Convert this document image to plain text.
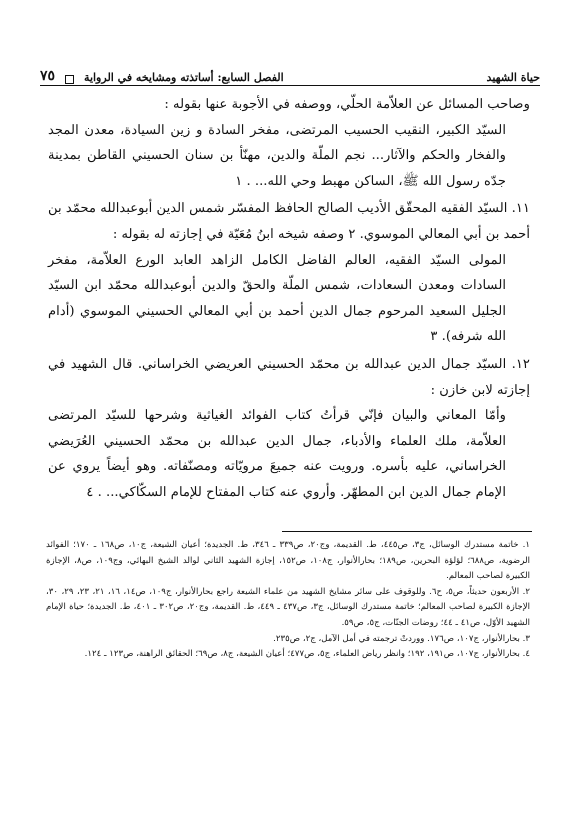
حياة الشهيد
الفصل السابع: أساتذته ومشايخه في الرواية
٧٥

وصاحب المسائل عن العلاّمة الحلّي، ووصفه في الأجوبة عنها بقوله :

السيّد الكبير، النقيب الحسيب المرتضى، مفخر السادة و زين السيادة، معدن المجد والفخار والحكم والآثار... نجم الملّة والدين، مهنّأ بن سنان الحسيني القاطن بمدينة جدّه رسول الله ﷺ، الساكن مهبط وحي الله... . ١

١١. السيّد الفقيه المحقّق الأديب الصالح الحافظ المفسّر شمس الدين أبوعبدالله محمّد بن أحمد بن أبي المعالي الموسوي. ٢ وصفه شيخه ابنُ مُعَيّة في إجازته له بقوله :

المولى السيّد الفقيه، العالم الفاضل الكامل الزاهد العابد الورع العلاّمة، مفخر السادات ومعدن السعادات، شمس الملّة والحقّ والدين أبوعبدالله محمّد ابن السيّد الجليل السعيد المرحوم جمال الدين أحمد بن أبي المعالي الحسيني الموسوي (أدام الله شرفه). ٣

١٢. السيّد جمال الدين عبدالله بن محمّد الحسيني العريضي الخراساني. قال الشهيد في إجازته لابن خازن :

وأمّا المعاني والبيان فإنّي قرأتُ كتاب الفوائد الغياثية وشرحها للسيّد المرتضى العلاّمة، ملك العلماء والأدباء، جمال الدين عبدالله بن محمّد الحسيني العُرَيضي الخراساني، عليه بأسره. ورويت عنه جميعَ مرويّاته ومصنّفاته. وهو أيضاً يروي عن الإمام جمال الدين ابن المطهّر. وأروي عنه كتاب المفتاح للإمام السكّاكي... . ٤

١. خاتمة مستدرك الوسائل، ج٣، ص٤٤٥، ط. القديمة، وج٢٠، ص٣٣٩ ـ ٣٤٦، ط. الجديدة؛ أعيان الشيعة، ج١٠، ص١٦٨ ـ ١٧٠؛ الفوائد الرضوية، ص٦٨٨؛ لؤلؤة البحرين، ص١٨٩؛ بحارالأنوار، ج١٠٨، ص١٥٢، إجازة الشهيد الثاني لوالد الشيخ البهائي، وج١٠٩، ص٨، الإجازة الكبيرة لصاحب المعالم.

٢. الأربعون حديثاً، ص٥، ح٦. وللوقوف على سائر مشايخ الشهيد من علماء الشيعة راجع بحارالأنوار، ج١٠٩، ص١٤، ١٦، ٢١، ٢٣، ٢٩، ٣٠، الإجازة الكبيرة لصاحب المعالم؛ خاتمة مستدرك الوسائل، ج٣، ص٤٣٧ ـ ٤٤٩، ط. القديمة، وج٢٠، ص٣٠٢ ـ ٤٠١، ط. الجديدة؛ حياة الإمام الشهيد الأوّل، ص٤١ ـ ٤٤؛ روضات الجنّات، ج٥، ص٥٩.

٣. بحارالأنوار، ج١٠٧، ص١٧٦. ووردتْ ترجمته في أمل الآمل، ج٢، ص٢٣٥.

٤. بحارالأنوار، ج١٠٧، ص١٩١، ١٩٢؛ وانظر رياض العلماء، ج٥، ص٤٧٧؛ أعيان الشيعة، ج٨، ص٦٩؛ الحقائق الراهنة، ص١٢٣ ـ ١٢٤.
